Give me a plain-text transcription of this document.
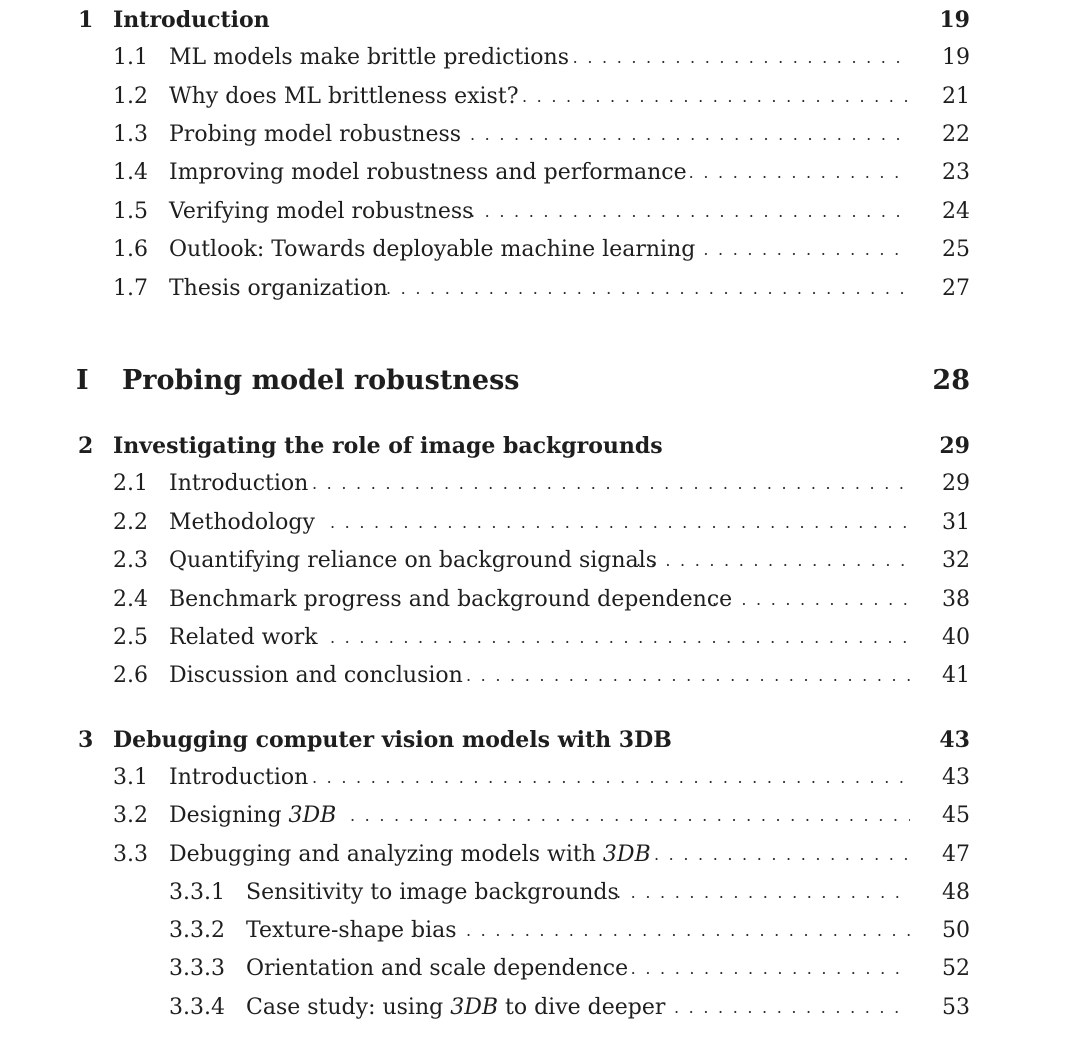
1 Introduction	19
1.1 ML models make brittle predictions . . .	19
1.2 Why does ML brittleness exist? . . .	21
1.3 Probing model robustness . . .	22
1.4 Improving model robustness and performance . . .	23
1.5 Verifying model robustness . . .	24
1.6 Outlook: Towards deployable machine learning . . .	25
1.7 Thesis organization . . .	27
I Probing model robustness	28
2 Investigating the role of image backgrounds	29
2.1 Introduction . . .	29
2.2 Methodology . . .	31
2.3 Quantifying reliance on background signals . . .	32
2.4 Benchmark progress and background dependence . . .	38
2.5 Related work . . .	40
2.6 Discussion and conclusion . . .	41
3 Debugging computer vision models with 3DB	43
3.1 Introduction . . .	43
3.2 Designing 3DB . . .	45
3.3 Debugging and analyzing models with 3DB . . .	47
3.3.1 Sensitivity to image backgrounds . . .	48
3.3.2 Texture-shape bias . . .	50
3.3.3 Orientation and scale dependence . . .	52
3.3.4 Case study: using 3DB to dive deeper . . .	53
